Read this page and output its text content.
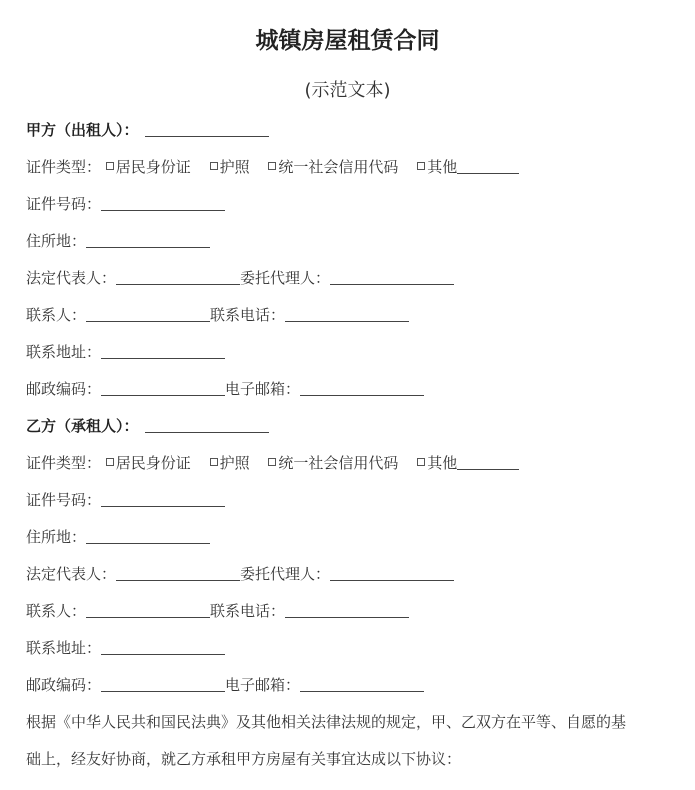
城镇房屋租赁合同
(示范文本)
甲方（出租人）：
证件类型： 居民身份证 护照 统一社会信用代码 其他
证件号码：
住所地：
法定代表人：	委托代理人：
联系人：	联系电话：
联系地址：
邮政编码：	电子邮箱：
乙方（承租人）：
证件类型： 居民身份证 护照 统一社会信用代码 其他
证件号码：
住所地：
法定代表人：	委托代理人：
联系人：	联系电话：
联系地址：
邮政编码：	电子邮箱：
根据《中华人民共和国民法典》及其他相关法律法规的规定，甲、乙双方在平等、自愿的基
础上，经友好协商，就乙方承租甲方房屋有关事宜达成以下协议：
